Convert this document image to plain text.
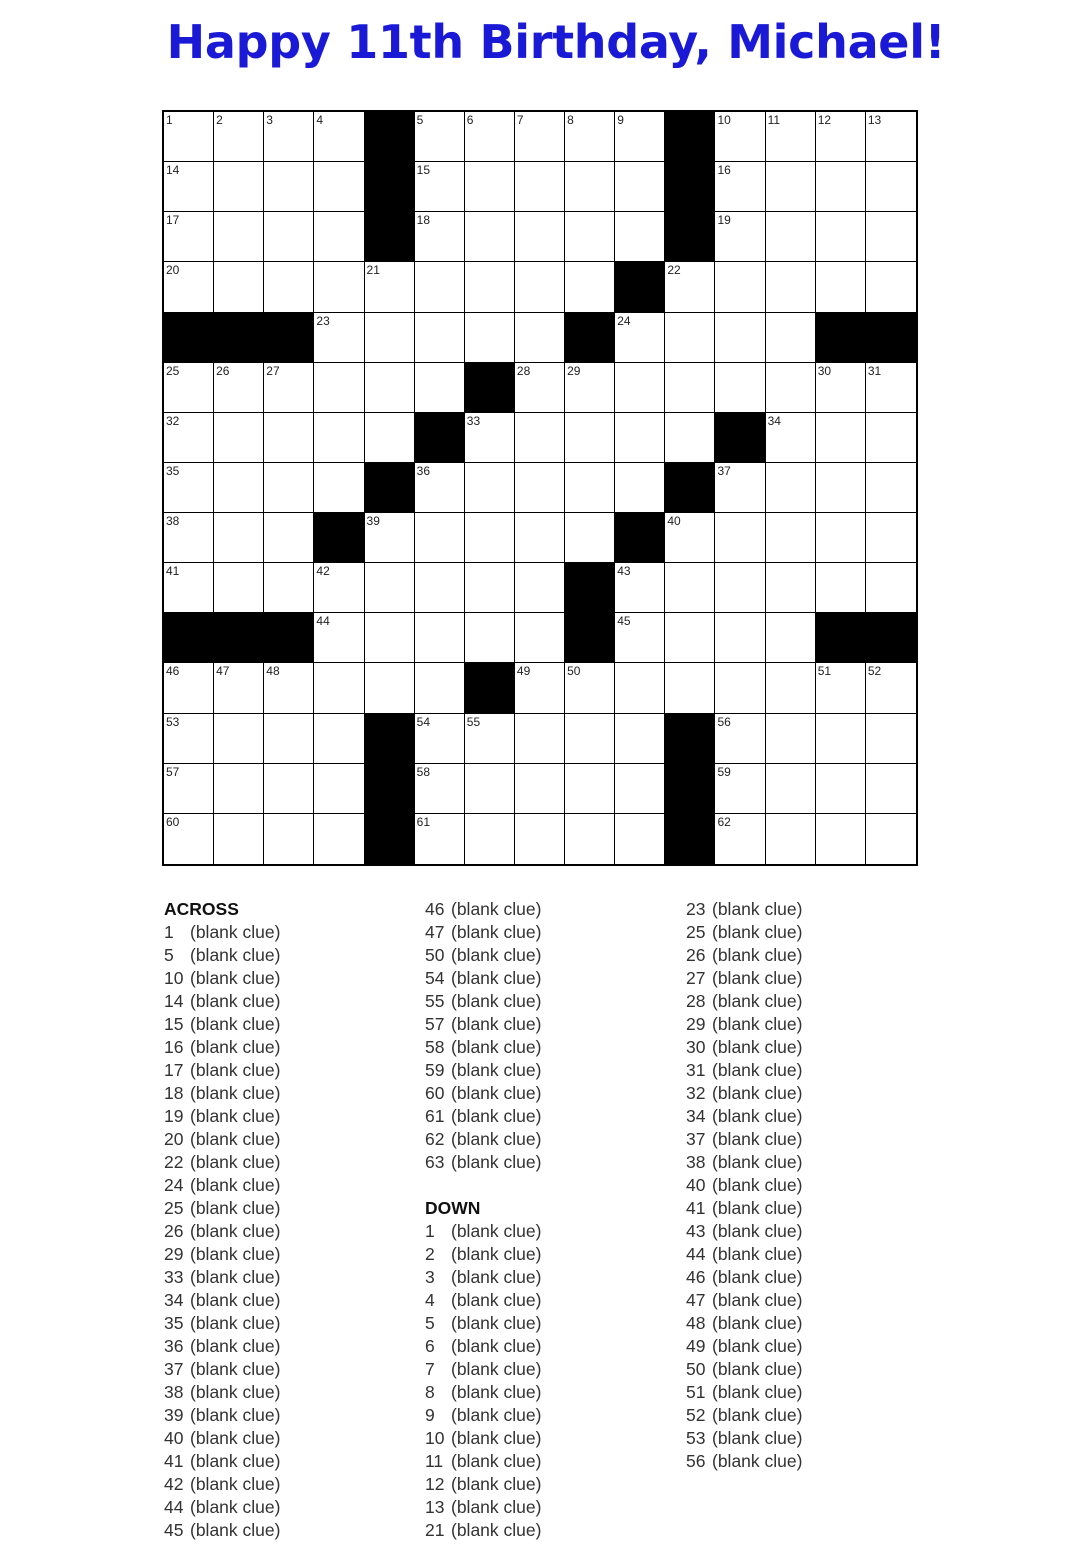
Happy 11th Birthday, Michael!
1	2	3	4	5	6	7	8	9	10	11	12	13
14	15	16
17	18	19
20	21	22
23	24
25	26	27	28	29	30	31
32	33	34
35	36	37
38	39	40
41	42	43
44	45
46	47	48	49	50	51	52
53	54	55	56
57	58	59
60	61	62
ACROSS
1 (blank clue)
5 (blank clue)
10 (blank clue)
14 (blank clue)
15 (blank clue)
16 (blank clue)
17 (blank clue)
18 (blank clue)
19 (blank clue)
20 (blank clue)
22 (blank clue)
24 (blank clue)
25 (blank clue)
26 (blank clue)
29 (blank clue)
33 (blank clue)
34 (blank clue)
35 (blank clue)
36 (blank clue)
37 (blank clue)
38 (blank clue)
39 (blank clue)
40 (blank clue)
41 (blank clue)
42 (blank clue)
44 (blank clue)
45 (blank clue)
46 (blank clue)
47 (blank clue)
50 (blank clue)
54 (blank clue)
55 (blank clue)
57 (blank clue)
58 (blank clue)
59 (blank clue)
60 (blank clue)
61 (blank clue)
62 (blank clue)
63 (blank clue)
DOWN
1 (blank clue)
2 (blank clue)
3 (blank clue)
4 (blank clue)
5 (blank clue)
6 (blank clue)
7 (blank clue)
8 (blank clue)
9 (blank clue)
10 (blank clue)
11 (blank clue)
12 (blank clue)
13 (blank clue)
21 (blank clue)
23 (blank clue)
25 (blank clue)
26 (blank clue)
27 (blank clue)
28 (blank clue)
29 (blank clue)
30 (blank clue)
31 (blank clue)
32 (blank clue)
34 (blank clue)
37 (blank clue)
38 (blank clue)
40 (blank clue)
41 (blank clue)
43 (blank clue)
44 (blank clue)
46 (blank clue)
47 (blank clue)
48 (blank clue)
49 (blank clue)
50 (blank clue)
51 (blank clue)
52 (blank clue)
53 (blank clue)
56 (blank clue)
